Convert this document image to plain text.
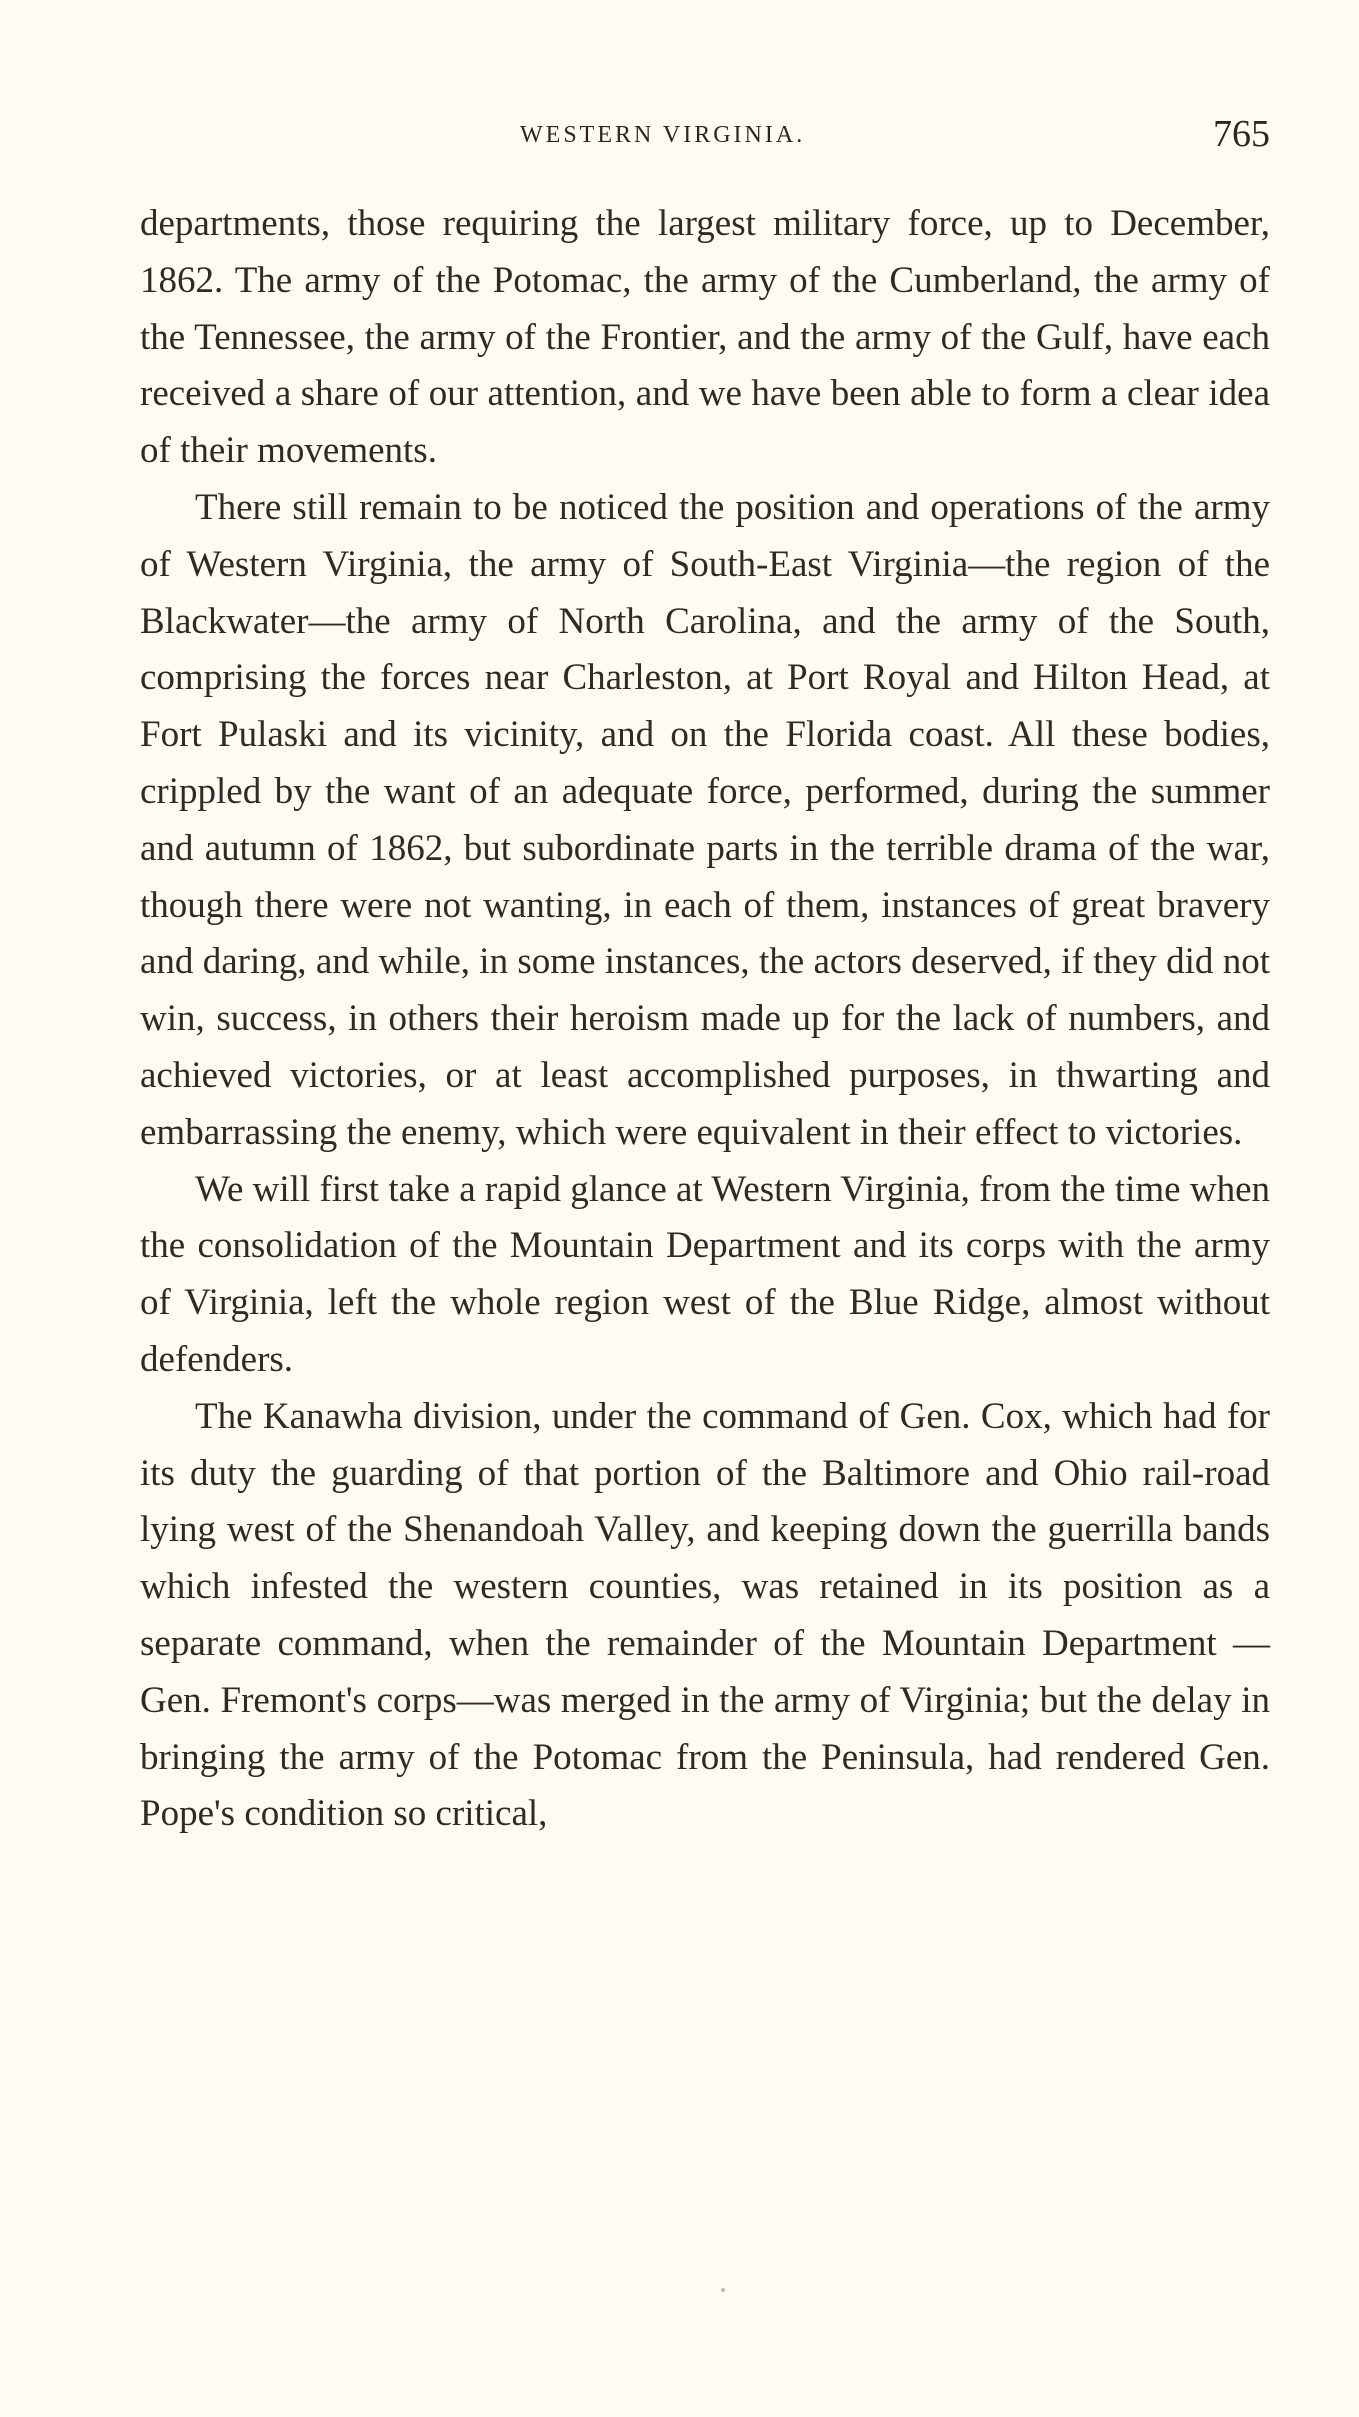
WESTERN VIRGINIA.	765

departments, those requiring the largest military force, up to December, 1862. The army of the Potomac, the army of the Cumberland, the army of the Tennessee, the army of the Frontier, and the army of the Gulf, have each received a share of our attention, and we have been able to form a clear idea of their movements.

There still remain to be noticed the position and operations of the army of Western Virginia, the army of South-East Virginia—the region of the Blackwater—the army of North Carolina, and the army of the South, comprising the forces near Charleston, at Port Royal and Hilton Head, at Fort Pulaski and its vicinity, and on the Florida coast. All these bodies, crippled by the want of an adequate force, performed, during the summer and autumn of 1862, but subordinate parts in the terrible drama of the war, though there were not wanting, in each of them, instances of great bravery and daring, and while, in some instances, the actors deserved, if they did not win, success, in others their heroism made up for the lack of numbers, and achieved victories, or at least accomplished purposes, in thwarting and embarrassing the enemy, which were equivalent in their effect to victories.

We will first take a rapid glance at Western Virginia, from the time when the consolidation of the Mountain Department and its corps with the army of Virginia, left the whole region west of the Blue Ridge, almost without defenders.

The Kanawha division, under the command of Gen. Cox, which had for its duty the guarding of that portion of the Baltimore and Ohio rail-road lying west of the Shenandoah Valley, and keeping down the guerrilla bands which infested the western counties, was retained in its position as a separate command, when the remainder of the Mountain Department —Gen. Fremont's corps—was merged in the army of Virginia; but the delay in bringing the army of the Potomac from the Peninsula, had rendered Gen. Pope's condition so critical,
